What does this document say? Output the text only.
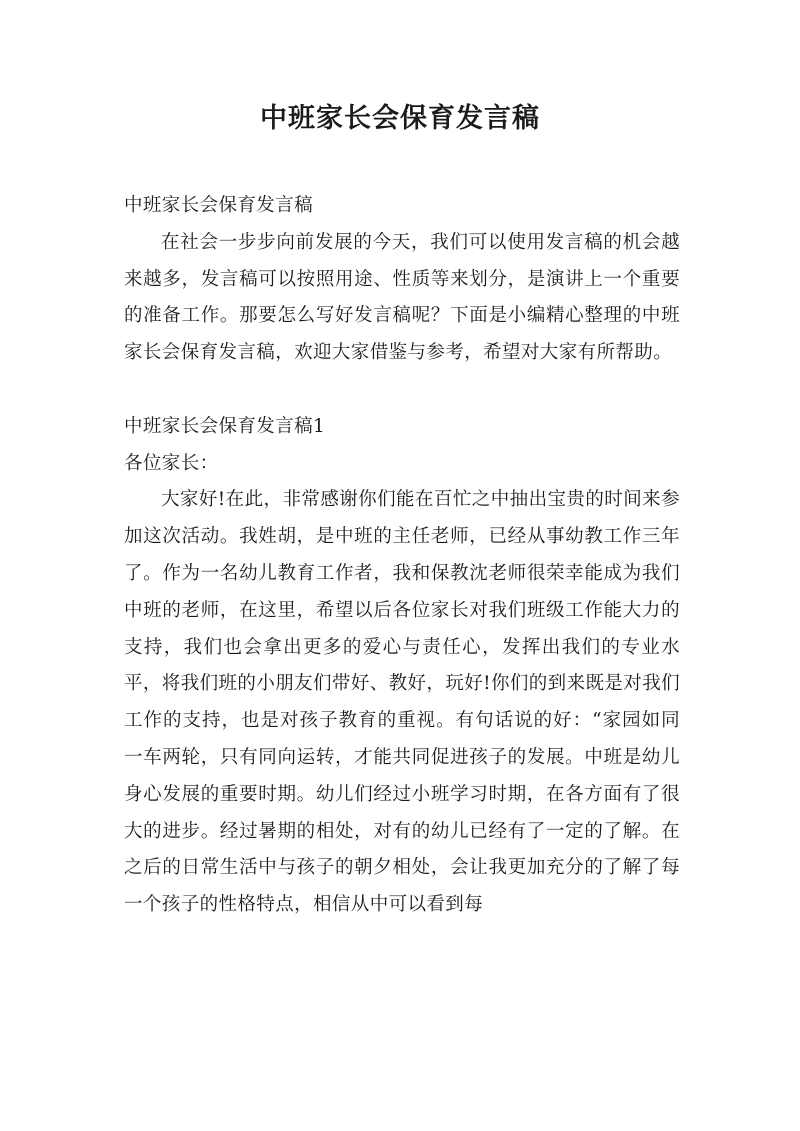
中班家长会保育发言稿

中班家长会保育发言稿

在社会一步步向前发展的今天，我们可以使用发言稿的机会越来越多，发言稿可以按照用途、性质等来划分，是演讲上一个重要的准备工作。那要怎么写好发言稿呢？下面是小编精心整理的中班家长会保育发言稿，欢迎大家借鉴与参考，希望对大家有所帮助。

中班家长会保育发言稿1

各位家长：

大家好!在此，非常感谢你们能在百忙之中抽出宝贵的时间来参加这次活动。我姓胡，是中班的主任老师，已经从事幼教工作三年了。作为一名幼儿教育工作者，我和保教沈老师很荣幸能成为我们中班的老师，在这里，希望以后各位家长对我们班级工作能大力的支持，我们也会拿出更多的爱心与责任心，发挥出我们的专业水平，将我们班的小朋友们带好、教好，玩好!你们的到来既是对我们工作的支持，也是对孩子教育的重视。有句话说的好：“家园如同一车两轮，只有同向运转，才能共同促进孩子的发展。中班是幼儿身心发展的重要时期。幼儿们经过小班学习时期，在各方面有了很大的进步。经过暑期的相处，对有的幼儿已经有了一定的了解。在之后的日常生活中与孩子的朝夕相处，会让我更加充分的了解了每一个孩子的性格特点，相信从中可以看到每
